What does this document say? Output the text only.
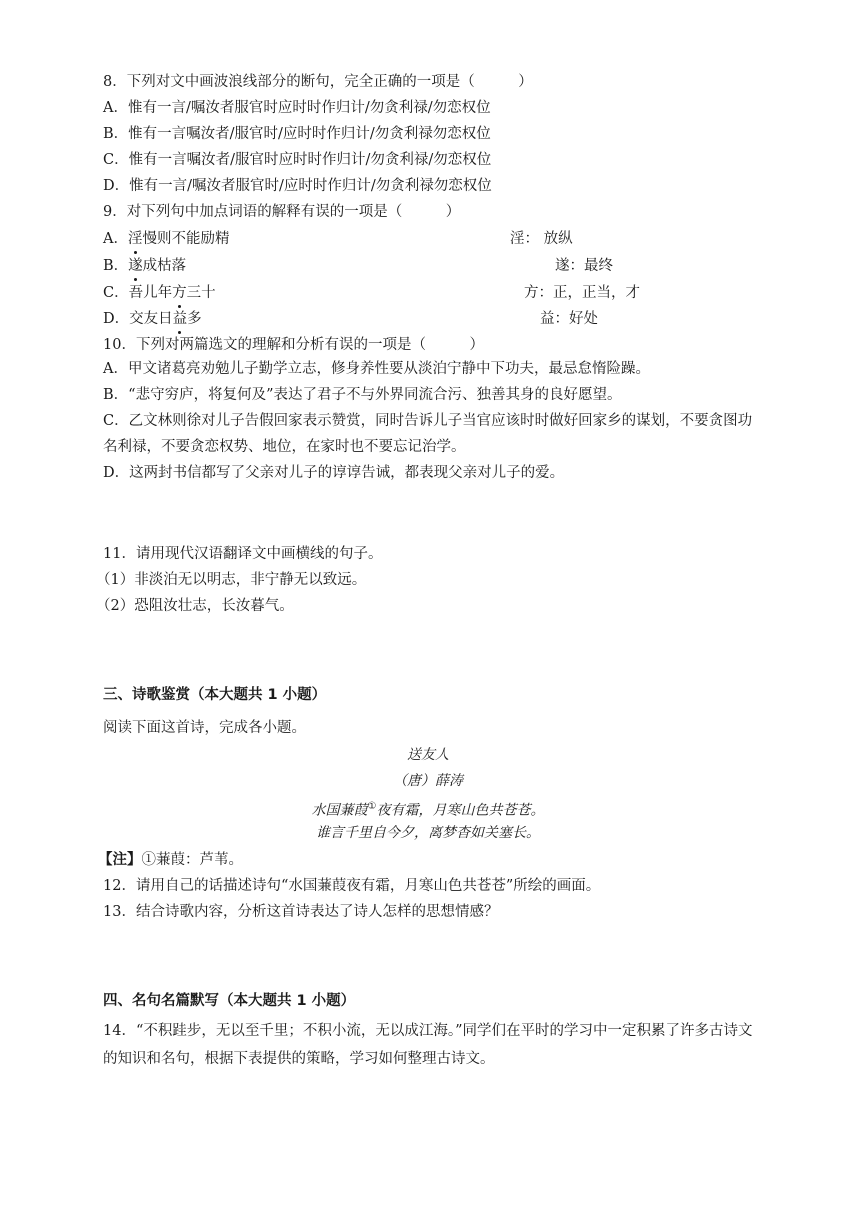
8．下列对文中画波浪线部分的断句，完全正确的一项是（　　　）
A．惟有一言/嘱汝者服官时应时时作归计/勿贪利禄/勿恋权位
B．惟有一言嘱汝者/服官时/应时时作归计/勿贪利禄勿恋权位
C．惟有一言嘱汝者/服官时应时时作归计/勿贪利禄/勿恋权位
D．惟有一言/嘱汝者服官时/应时时作归计/勿贪利禄勿恋权位
9．对下列句中加点词语的解释有误的一项是（　　　）
A．淫慢则不能励精	淫： 放纵
B．遂成枯落	遂：最终
C．吾儿年方三十	方：正，正当，才
D．交友日益多	益：好处
10．下列对两篇选文的理解和分析有误的一项是（　　　）

A．甲文诸葛亮劝勉儿子勤学立志，修身养性要从淡泊宁静中下功夫，最忌怠惰险躁。

B．“悲守穷庐，将复何及”表达了君子不与外界同流合污、独善其身的良好愿望。

C．乙文林则徐对儿子告假回家表示赞赏，同时告诉儿子当官应该时时做好回家乡的谋划，不要贪图功名利禄，不要贪恋权势、地位，在家时也不要忘记治学。

D．这两封书信都写了父亲对儿子的谆谆告诫，都表现父亲对儿子的爱。

11．请用现代汉语翻译文中画横线的句子。
（1）非淡泊无以明志，非宁静无以致远。
（2）恐阻汝壮志，长汝暮气。
三、诗歌鉴赏（本大题共 1 小题）
阅读下面这首诗，完成各小题。
送友人
（唐）薛涛
水国蒹葭①夜有霜，月寒山色共苍苍。
谁言千里自今夕，离梦杳如关塞长。
【注】①蒹葭：芦苇。
12．请用自己的话描述诗句“水国蒹葭夜有霜，月寒山色共苍苍”所绘的画面。
13．结合诗歌内容，分析这首诗表达了诗人怎样的思想情感？
四、名句名篇默写（本大题共 1 小题）
14．“不积跬步，无以至千里；不积小流，无以成江海。”同学们在平时的学习中一定积累了许多古诗文的知识和名句，根据下表提供的策略，学习如何整理古诗文。
